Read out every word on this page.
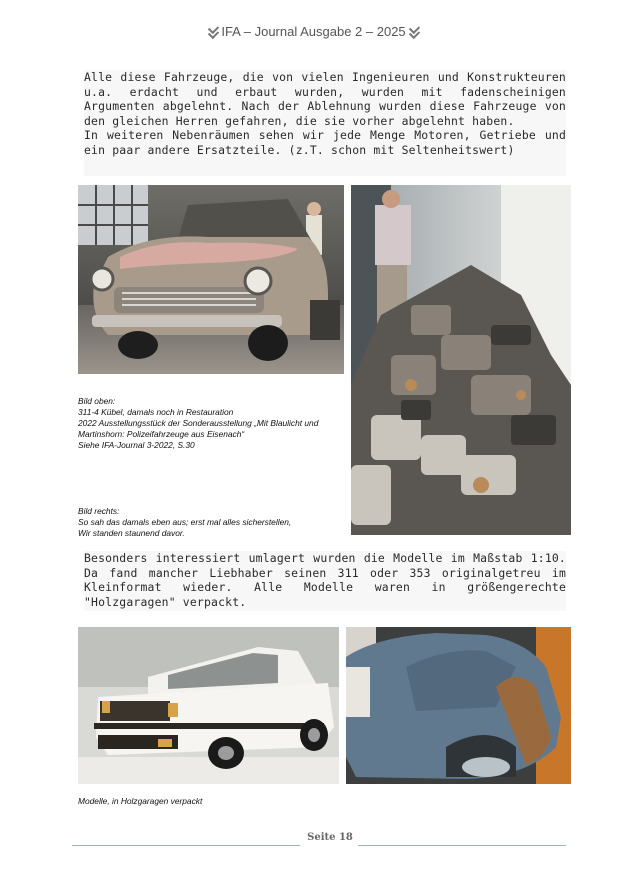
IFA – Journal Ausgabe 2 – 2025

Alle diese Fahrzeuge, die von vielen Ingenieuren und Konstrukteuren u.a. erdacht und erbaut wurden, wurden mit fadenscheinigen Argumenten abgelehnt. Nach der Ablehnung wurden diese Fahrzeuge von den gleichen Herren gefahren, die sie vorher abgelehnt haben.

In weiteren Nebenräumen sehen wir jede Menge Motoren, Getriebe und ein paar andere Ersatzteile. (z.T. schon mit Seltenheitswert)

Bild oben:
311-4 Kübel, damals noch in Restauration
2022 Ausstellungsstück der Sonderausstellung „Mit Blaulicht und Martinshorn: Polizeifahrzeuge aus Eisenach“
Siehe IFA-Journal 3-2022, S.30
Bild rechts:
So sah das damals eben aus; erst mal alles sicherstellen,
Wir standen staunend davor.

Besonders interessiert umlagert wurden die Modelle im Maßstab 1:10. Da fand mancher Liebhaber seinen 311 oder 353 originalgetreu im Kleinformat wieder. Alle Modelle waren in größengerechte "Holzgaragen" verpackt.

Modelle, in Holzgaragen verpackt
Seite 18
